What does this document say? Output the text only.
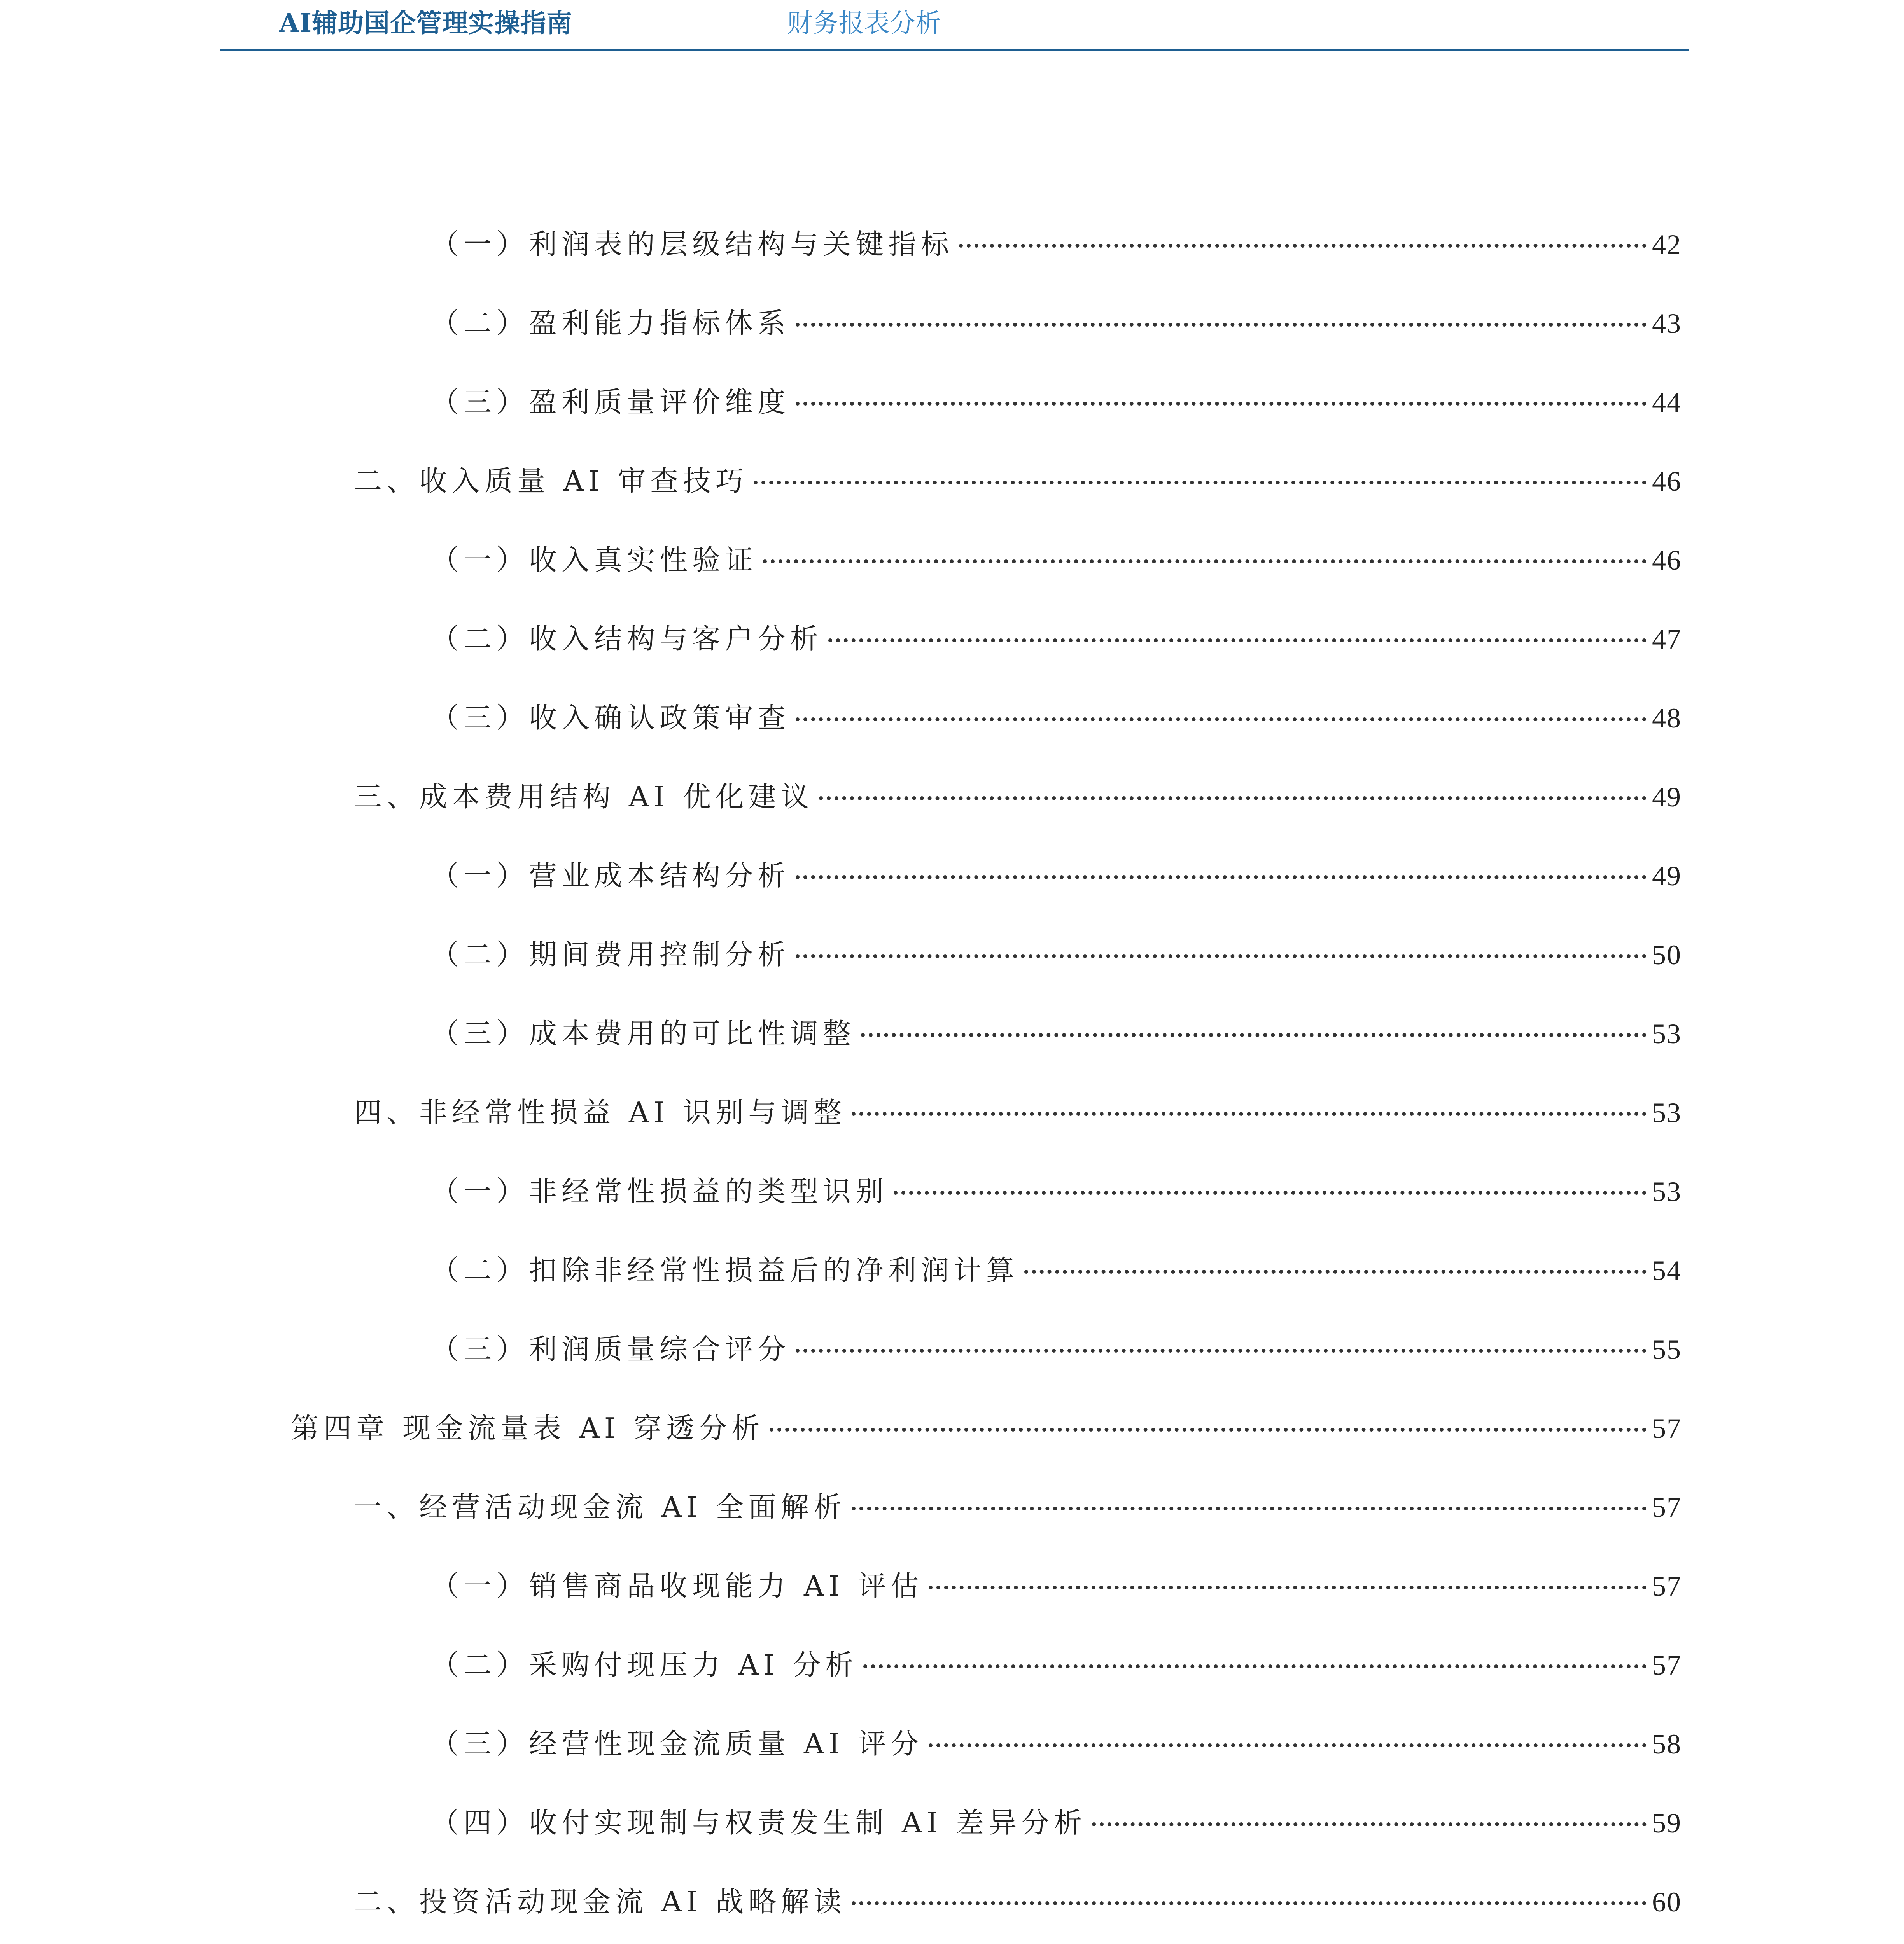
AI辅助国企管理实操指南	财务报表分析
（一）利润表的层级结构与关键指标	42
（二）盈利能力指标体系	43
（三）盈利质量评价维度	44
二、收入质量 AI 审查技巧	46
（一）收入真实性验证	46
（二）收入结构与客户分析	47
（三）收入确认政策审查	48
三、成本费用结构 AI 优化建议	49
（一）营业成本结构分析	49
（二）期间费用控制分析	50
（三）成本费用的可比性调整	53
四、非经常性损益 AI 识别与调整	53
（一）非经常性损益的类型识别	53
（二）扣除非经常性损益后的净利润计算	54
（三）利润质量综合评分	55
第四章 现金流量表 AI 穿透分析	57
一、经营活动现金流 AI 全面解析	57
（一）销售商品收现能力 AI 评估	57
（二）采购付现压力 AI 分析	57
（三）经营性现金流质量 AI 评分	58
（四）收付实现制与权责发生制 AI 差异分析	59
二、投资活动现金流 AI 战略解读	60
